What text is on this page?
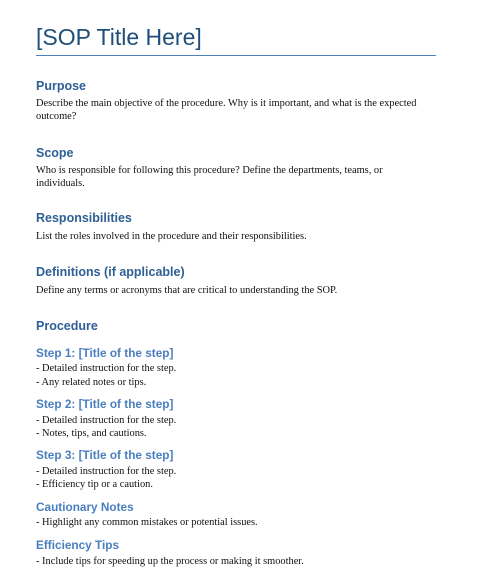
[SOP Title Here]
Purpose

Describe the main objective of the procedure. Why is it important, and what is the expected

outcome?

Scope

Who is responsible for following this procedure? Define the departments, teams, or

individuals.

Responsibilities

List the roles involved in the procedure and their responsibilities.

Definitions (if applicable)

Define any terms or acronyms that are critical to understanding the SOP.

Procedure
Step 1: [Title of the step]

- Detailed instruction for the step.

- Any related notes or tips.

Step 2: [Title of the step]

- Detailed instruction for the step.

- Notes, tips, and cautions.

Step 3: [Title of the step]

- Detailed instruction for the step.

- Efficiency tip or a caution.

Cautionary Notes

- Highlight any common mistakes or potential issues.

Efficiency Tips

- Include tips for speeding up the process or making it smoother.
